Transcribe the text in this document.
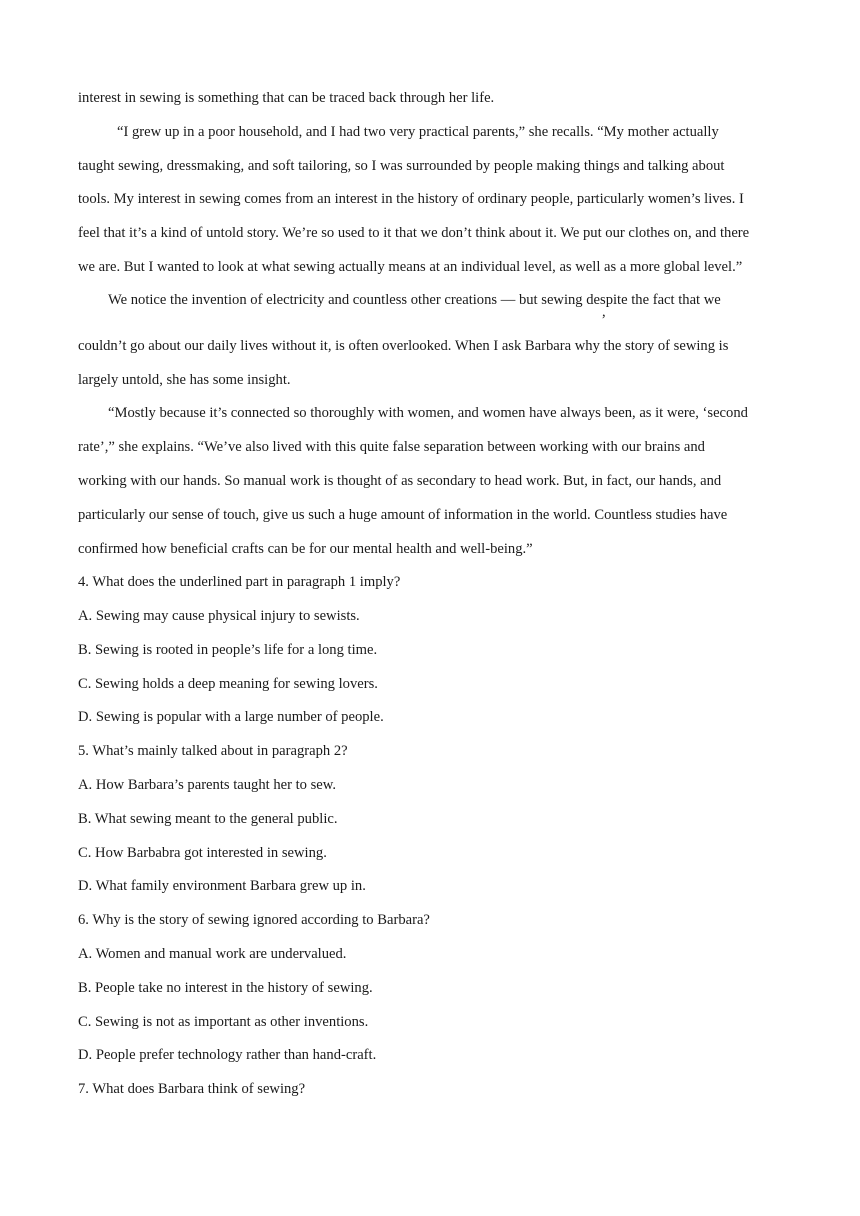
interest in sewing is something that can be traced back through her life.
“I grew up in a poor household, and I had two very practical parents,” she recalls. “My mother actually
taught sewing, dressmaking, and soft tailoring, so I was surrounded by people making things and talking about
tools. My interest in sewing comes from an interest in the history of ordinary people, particularly women’s lives. I
feel that it’s a kind of untold story. We’re so used to it that we don’t think about it. We put our clothes on, and there
we are. But I wanted to look at what sewing actually means at an individual level, as well as a more global level.”
We notice the invention of electricity and countless other creations — but sewing despite the fact that we
,
couldn’t go about our daily lives without it, is often overlooked. When I ask Barbara why the story of sewing is
largely untold, she has some insight.
“Mostly because it’s connected so thoroughly with women, and women have always been, as it were, ‘second
rate’,” she explains. “We’ve also lived with this quite false separation between working with our brains and
working with our hands. So manual work is thought of as secondary to head work. But, in fact, our hands, and
particularly our sense of touch, give us such a huge amount of information in the world. Countless studies have
confirmed how beneficial crafts can be for our mental health and well-being.”
4. What does the underlined part in paragraph 1 imply?
A. Sewing may cause physical injury to sewists.
B. Sewing is rooted in people’s life for a long time.
C. Sewing holds a deep meaning for sewing lovers.
D. Sewing is popular with a large number of people.
5. What’s mainly talked about in paragraph 2?
A. How Barbara’s parents taught her to sew.
B. What sewing meant to the general public.
C. How Barbabra got interested in sewing.
D. What family environment Barbara grew up in.
6. Why is the story of sewing ignored according to Barbara?
A. Women and manual work are undervalued.
B. People take no interest in the history of sewing.
C. Sewing is not as important as other inventions.
D. People prefer technology rather than hand-craft.
7. What does Barbara think of sewing?
